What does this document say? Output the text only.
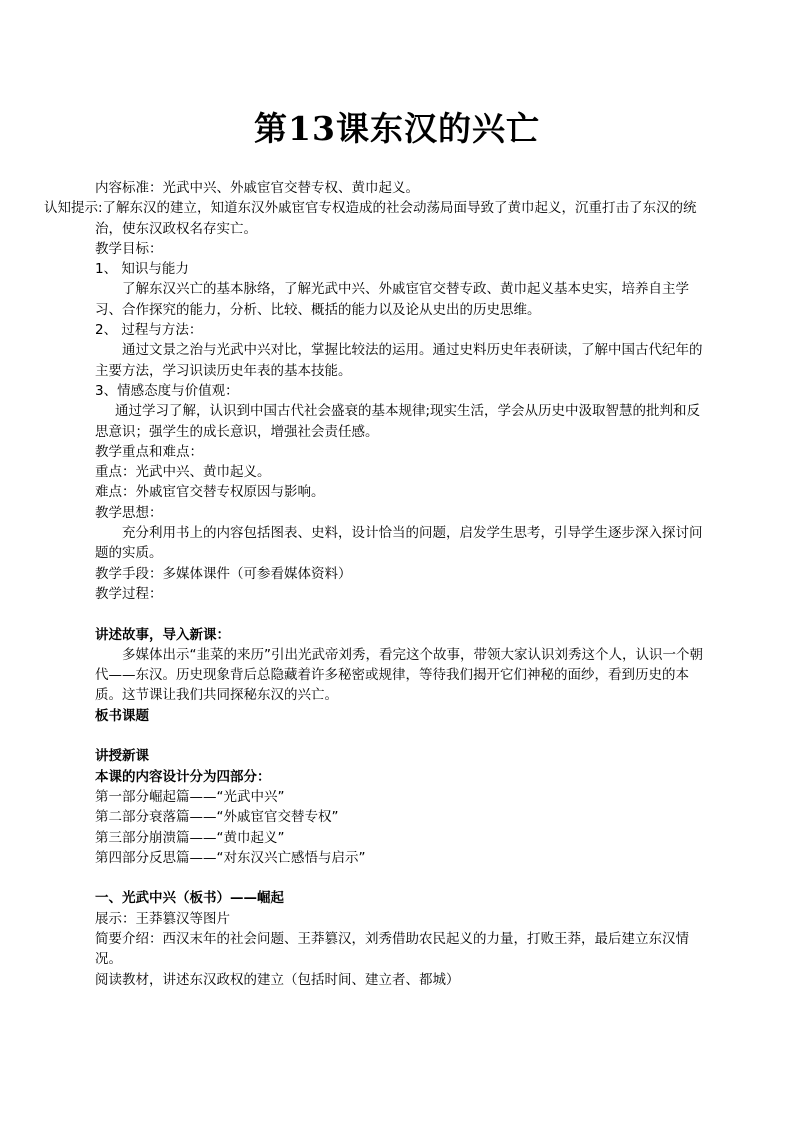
第13课东汉的兴亡

内容标准：光武中兴、外戚宦官交替专权、黄巾起义。

认知提示:了解东汉的建立，知道东汉外戚宦官专权造成的社会动荡局面导致了黄巾起义，沉重打击了东汉的统治，使东汉政权名存实亡。

教学目标：

1、 知识与能力

了解东汉兴亡的基本脉络，了解光武中兴、外戚宦官交替专政、黄巾起义基本史实，培养自主学习、合作探究的能力，分析、比较、概括的能力以及论从史出的历史思维。

2、 过程与方法：

通过文景之治与光武中兴对比，掌握比较法的运用。通过史料历史年表研读，了解中国古代纪年的主要方法，学习识读历史年表的基本技能。

3、情感态度与价值观：

通过学习了解，认识到中国古代社会盛衰的基本规律;现实生活，学会从历史中汲取智慧的批判和反思意识；强学生的成长意识，增强社会责任感。

教学重点和难点：

重点：光武中兴、黄巾起义。

难点：外戚宦官交替专权原因与影响。

教学思想：

充分利用书上的内容包括图表、史料，设计恰当的问题，启发学生思考，引导学生逐步深入探讨问题的实质。

教学手段：多媒体课件（可参看媒体资料）

教学过程：

讲述故事，导入新课：

多媒体出示“韭菜的来历”引出光武帝刘秀，看完这个故事，带领大家认识刘秀这个人，认识一个朝代——东汉。历史现象背后总隐藏着许多秘密或规律，等待我们揭开它们神秘的面纱，看到历史的本质。这节课让我们共同探秘东汉的兴亡。

板书课题

讲授新课

本课的内容设计分为四部分：

第一部分崛起篇——“光武中兴”

第二部分衰落篇——“外戚宦官交替专权”

第三部分崩溃篇——“黄巾起义”

第四部分反思篇——“对东汉兴亡感悟与启示”

一、光武中兴（板书）——崛起

展示：王莽篡汉等图片

简要介绍：西汉末年的社会问题、王莽篡汉，刘秀借助农民起义的力量，打败王莽，最后建立东汉情况。

阅读教材，讲述东汉政权的建立（包括时间、建立者、都城）
